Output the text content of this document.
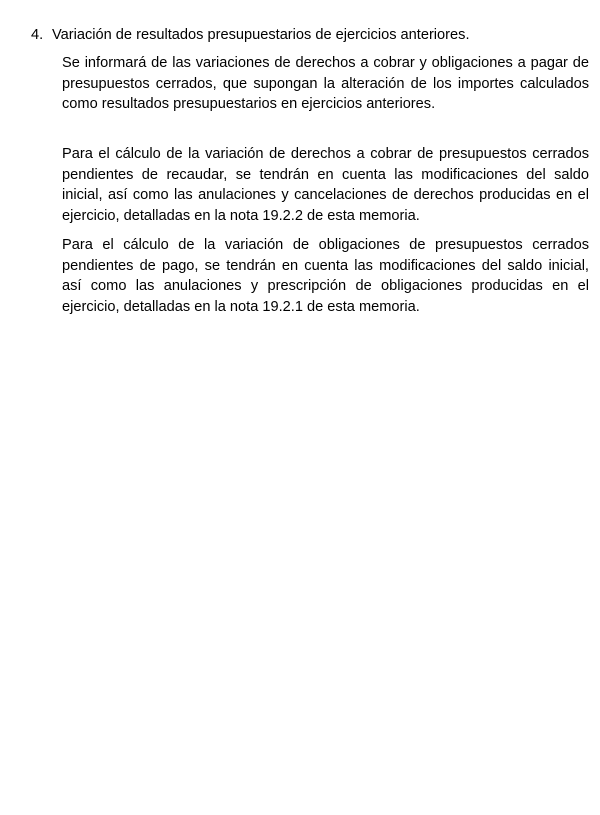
4. Variación de resultados presupuestarios de ejercicios anteriores.

Se informará de las variaciones de derechos a cobrar y obligaciones a pagar de presupuestos cerrados, que supongan la alteración de los importes calculados como resultados presupuestarios en ejercicios anteriores.

Para el cálculo de la variación de derechos a cobrar de presupuestos cerrados pendientes de recaudar, se tendrán en cuenta las modificaciones del saldo inicial, así como las anulaciones y cancelaciones de derechos producidas en el ejercicio, detalladas en la nota 19.2.2 de esta memoria.

Para el cálculo de la variación de obligaciones de presupuestos cerrados pendientes de pago, se tendrán en cuenta las modificaciones del saldo inicial, así como las anulaciones y prescripción de obligaciones producidas en el ejercicio, detalladas en la nota 19.2.1 de esta memoria.
